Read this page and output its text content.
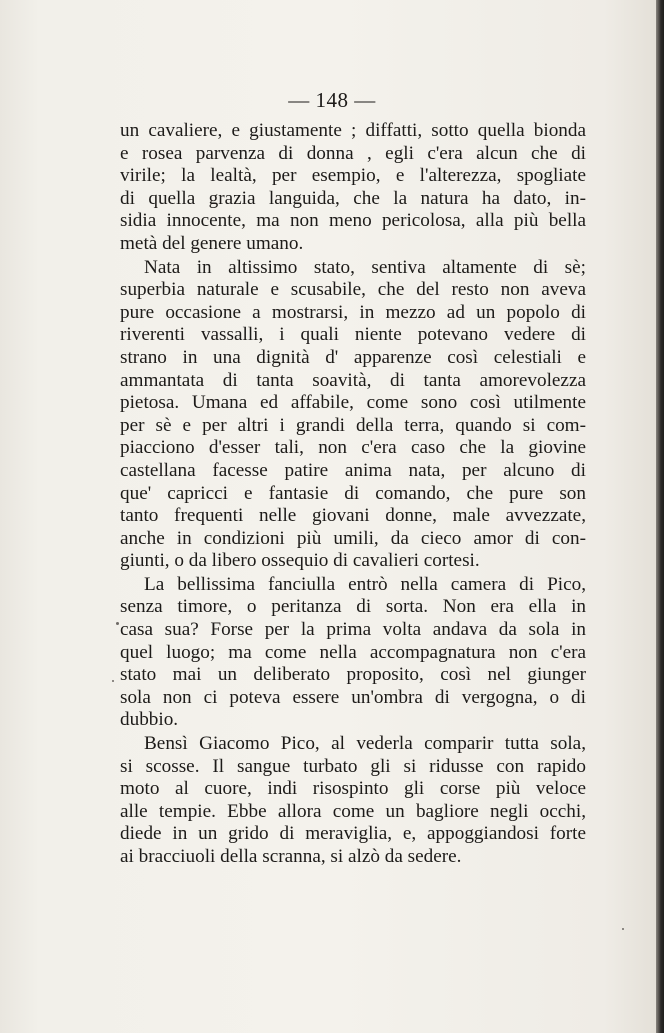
— 148 —
un cavaliere, e giustamente ; diffatti, sotto quella bionda
e rosea parvenza di donna , egli c'era alcun che di
virile; la lealtà, per esempio, e l'alterezza, spogliate
di quella grazia languida, che la natura ha dato, in-
sidia innocente, ma non meno pericolosa, alla più bella
metà del genere umano.
Nata in altissimo stato, sentiva altamente di sè;
superbia naturale e scusabile, che del resto non aveva
pure occasione a mostrarsi, in mezzo ad un popolo di
riverenti vassalli, i quali niente potevano vedere di
strano in una dignità d' apparenze così celestiali e
ammantata di tanta soavità, di tanta amorevolezza
pietosa. Umana ed affabile, come sono così utilmente
per sè e per altri i grandi della terra, quando si com-
piacciono d'esser tali, non c'era caso che la giovine
castellana facesse patire anima nata, per alcuno di
que' capricci e fantasie di comando, che pure son
tanto frequenti nelle giovani donne, male avvezzate,
anche in condizioni più umili, da cieco amor di con-
giunti, o da libero ossequio di cavalieri cortesi.
La bellissima fanciulla entrò nella camera di Pico,
senza timore, o peritanza di sorta. Non era ella in
casa sua? Forse per la prima volta andava da sola in
quel luogo; ma come nella accompagnatura non c'era
stato mai un deliberato proposito, così nel giunger
sola non ci poteva essere un'ombra di vergogna, o di
dubbio.
Bensì Giacomo Pico, al vederla comparir tutta sola,
si scosse. Il sangue turbato gli si ridusse con rapido
moto al cuore, indi risospinto gli corse più veloce
alle tempie. Ebbe allora come un bagliore negli occhi,
diede in un grido di meraviglia, e, appoggiandosi forte
ai bracciuoli della scranna, si alzò da sedere.
